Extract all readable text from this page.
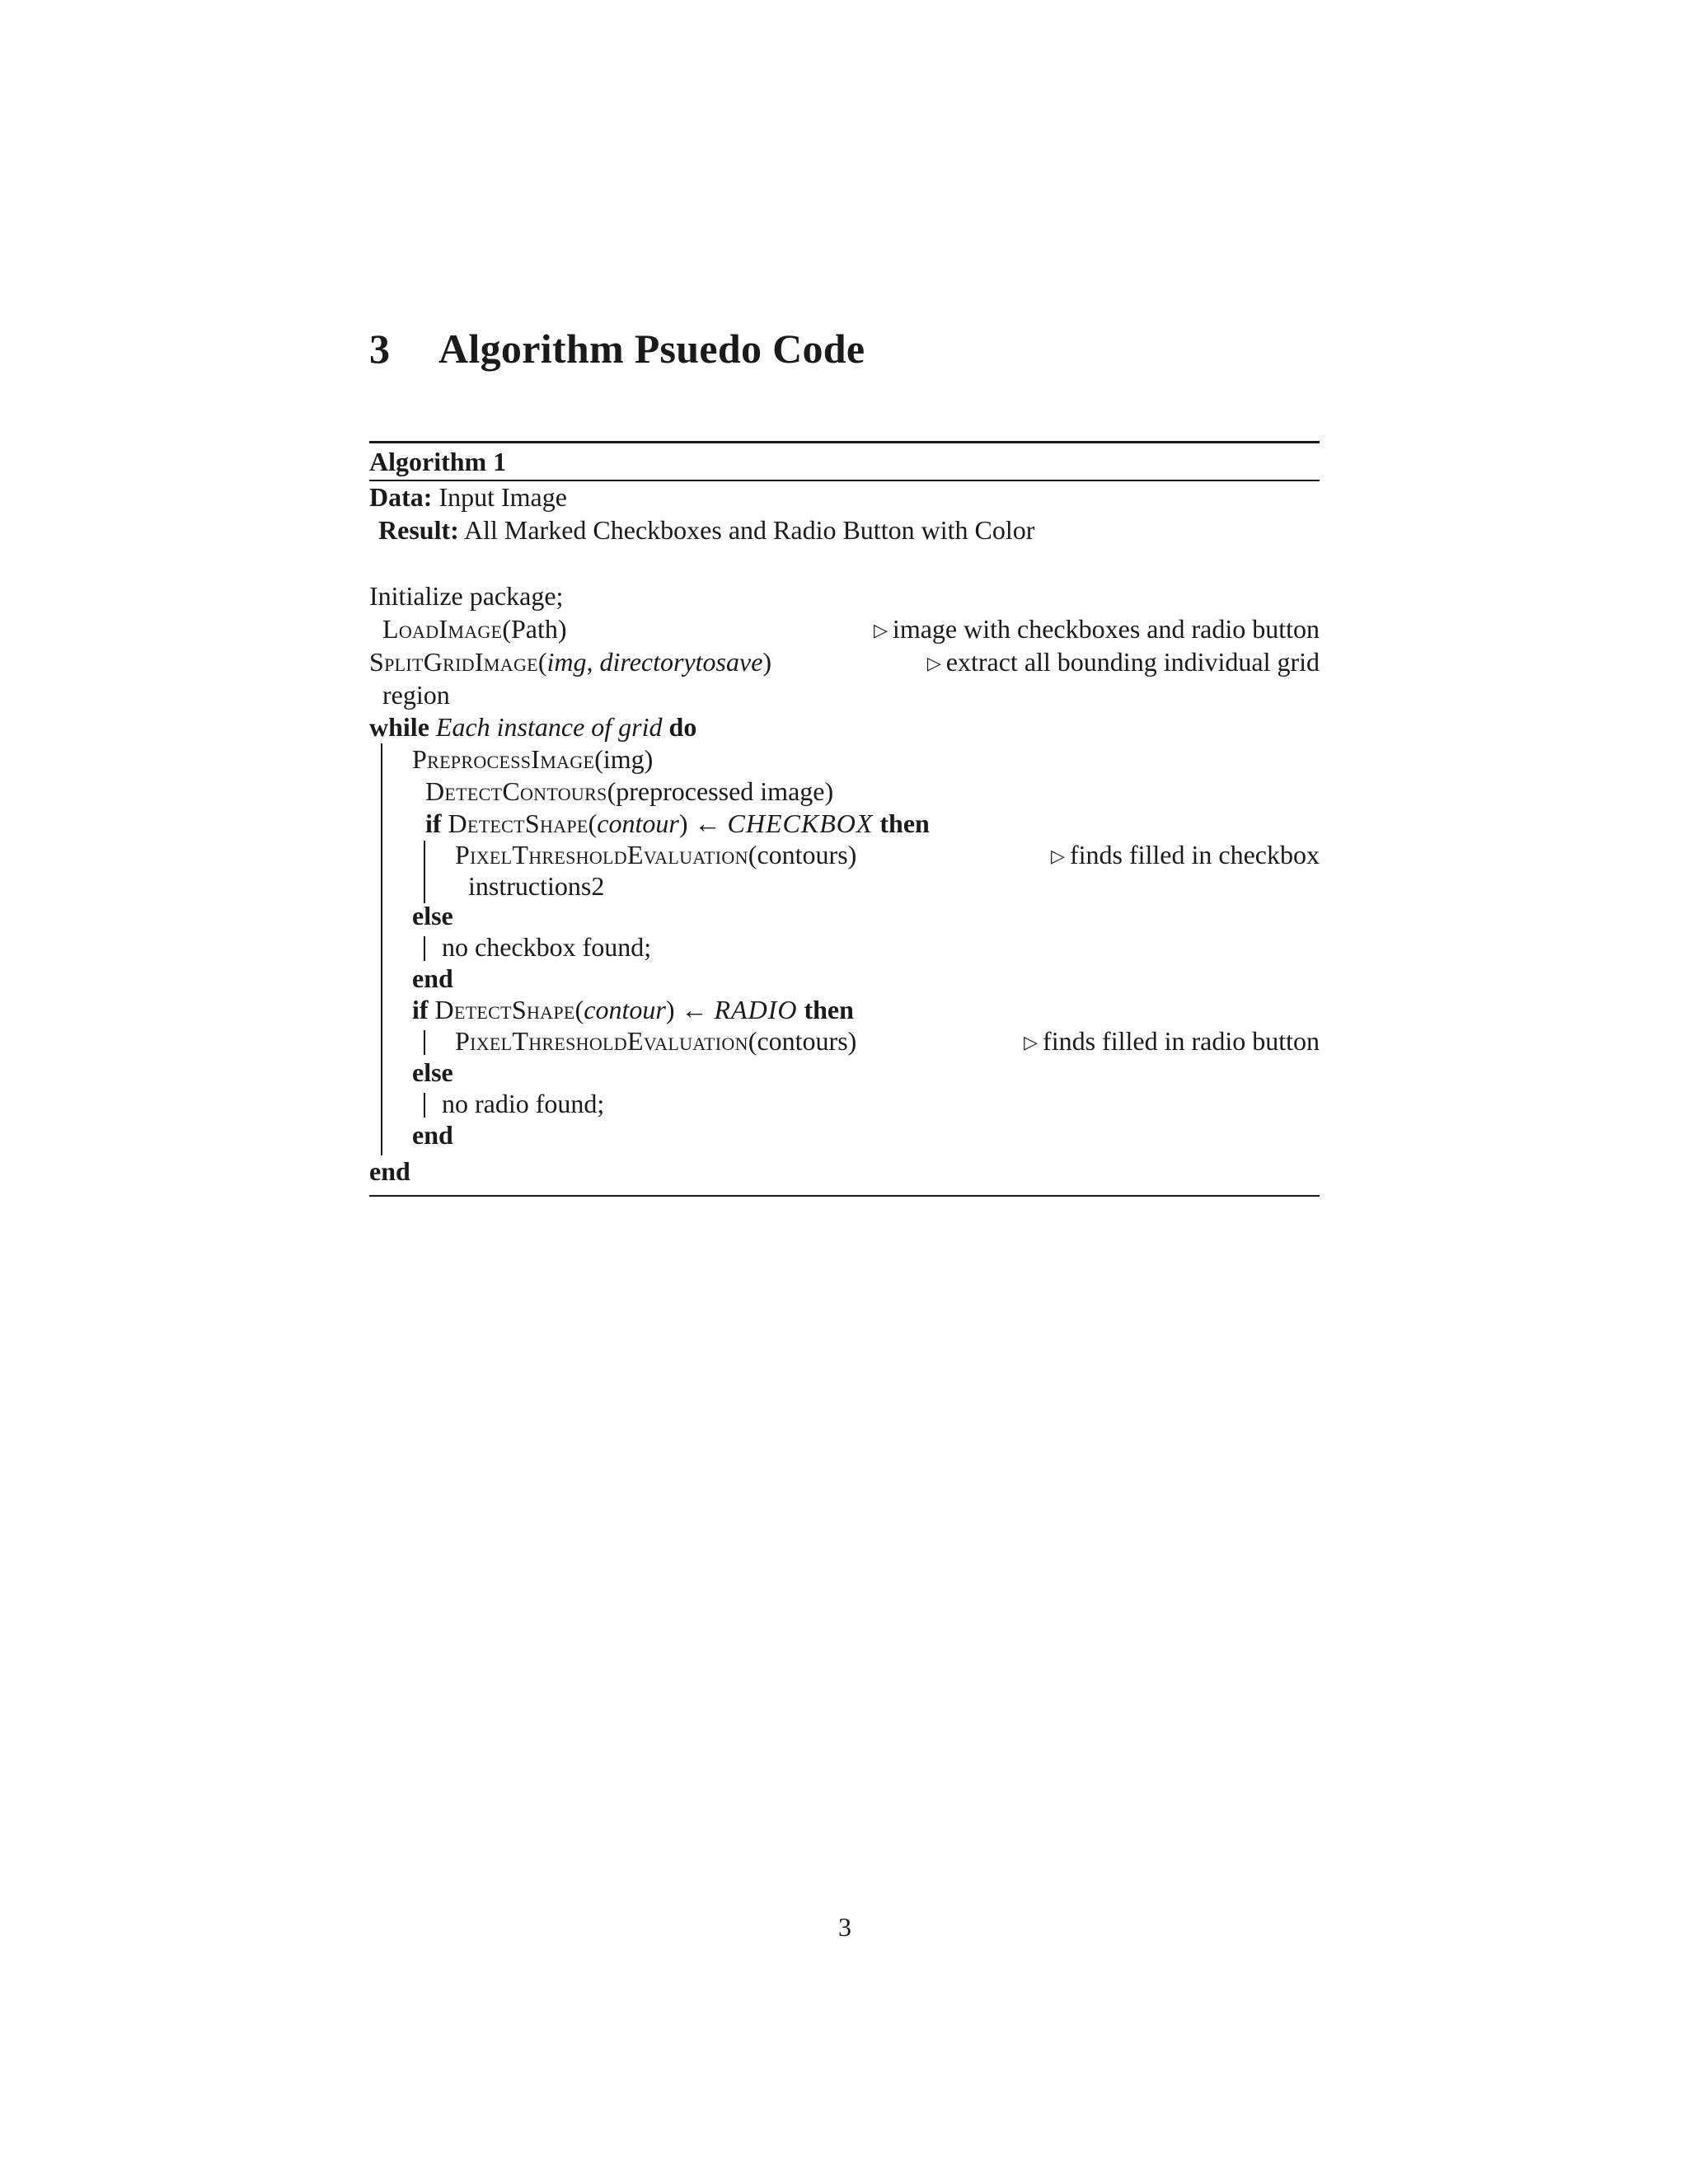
3 Algorithm Psuedo Code
Algorithm 1
Data: Input Image
Result: All Marked Checkboxes and Radio Button with Color
Initialize package;
LoadImage(Path)	▷ image with checkboxes and radio button
SplitGridImage(img, directorytosave)	▷ extract all bounding individual grid
region
while Each instance of grid do
PreprocessImage(img)
DetectContours(preprocessed image)
if DetectShape(contour) ← CHECKBOX then
PixelThresholdEvaluation(contours)	▷ finds filled in checkbox
instructions2
else
no checkbox found;
end
if DetectShape(contour) ← RADIO then
PixelThresholdEvaluation(contours)	▷ finds filled in radio button
else
no radio found;
end
end
3
